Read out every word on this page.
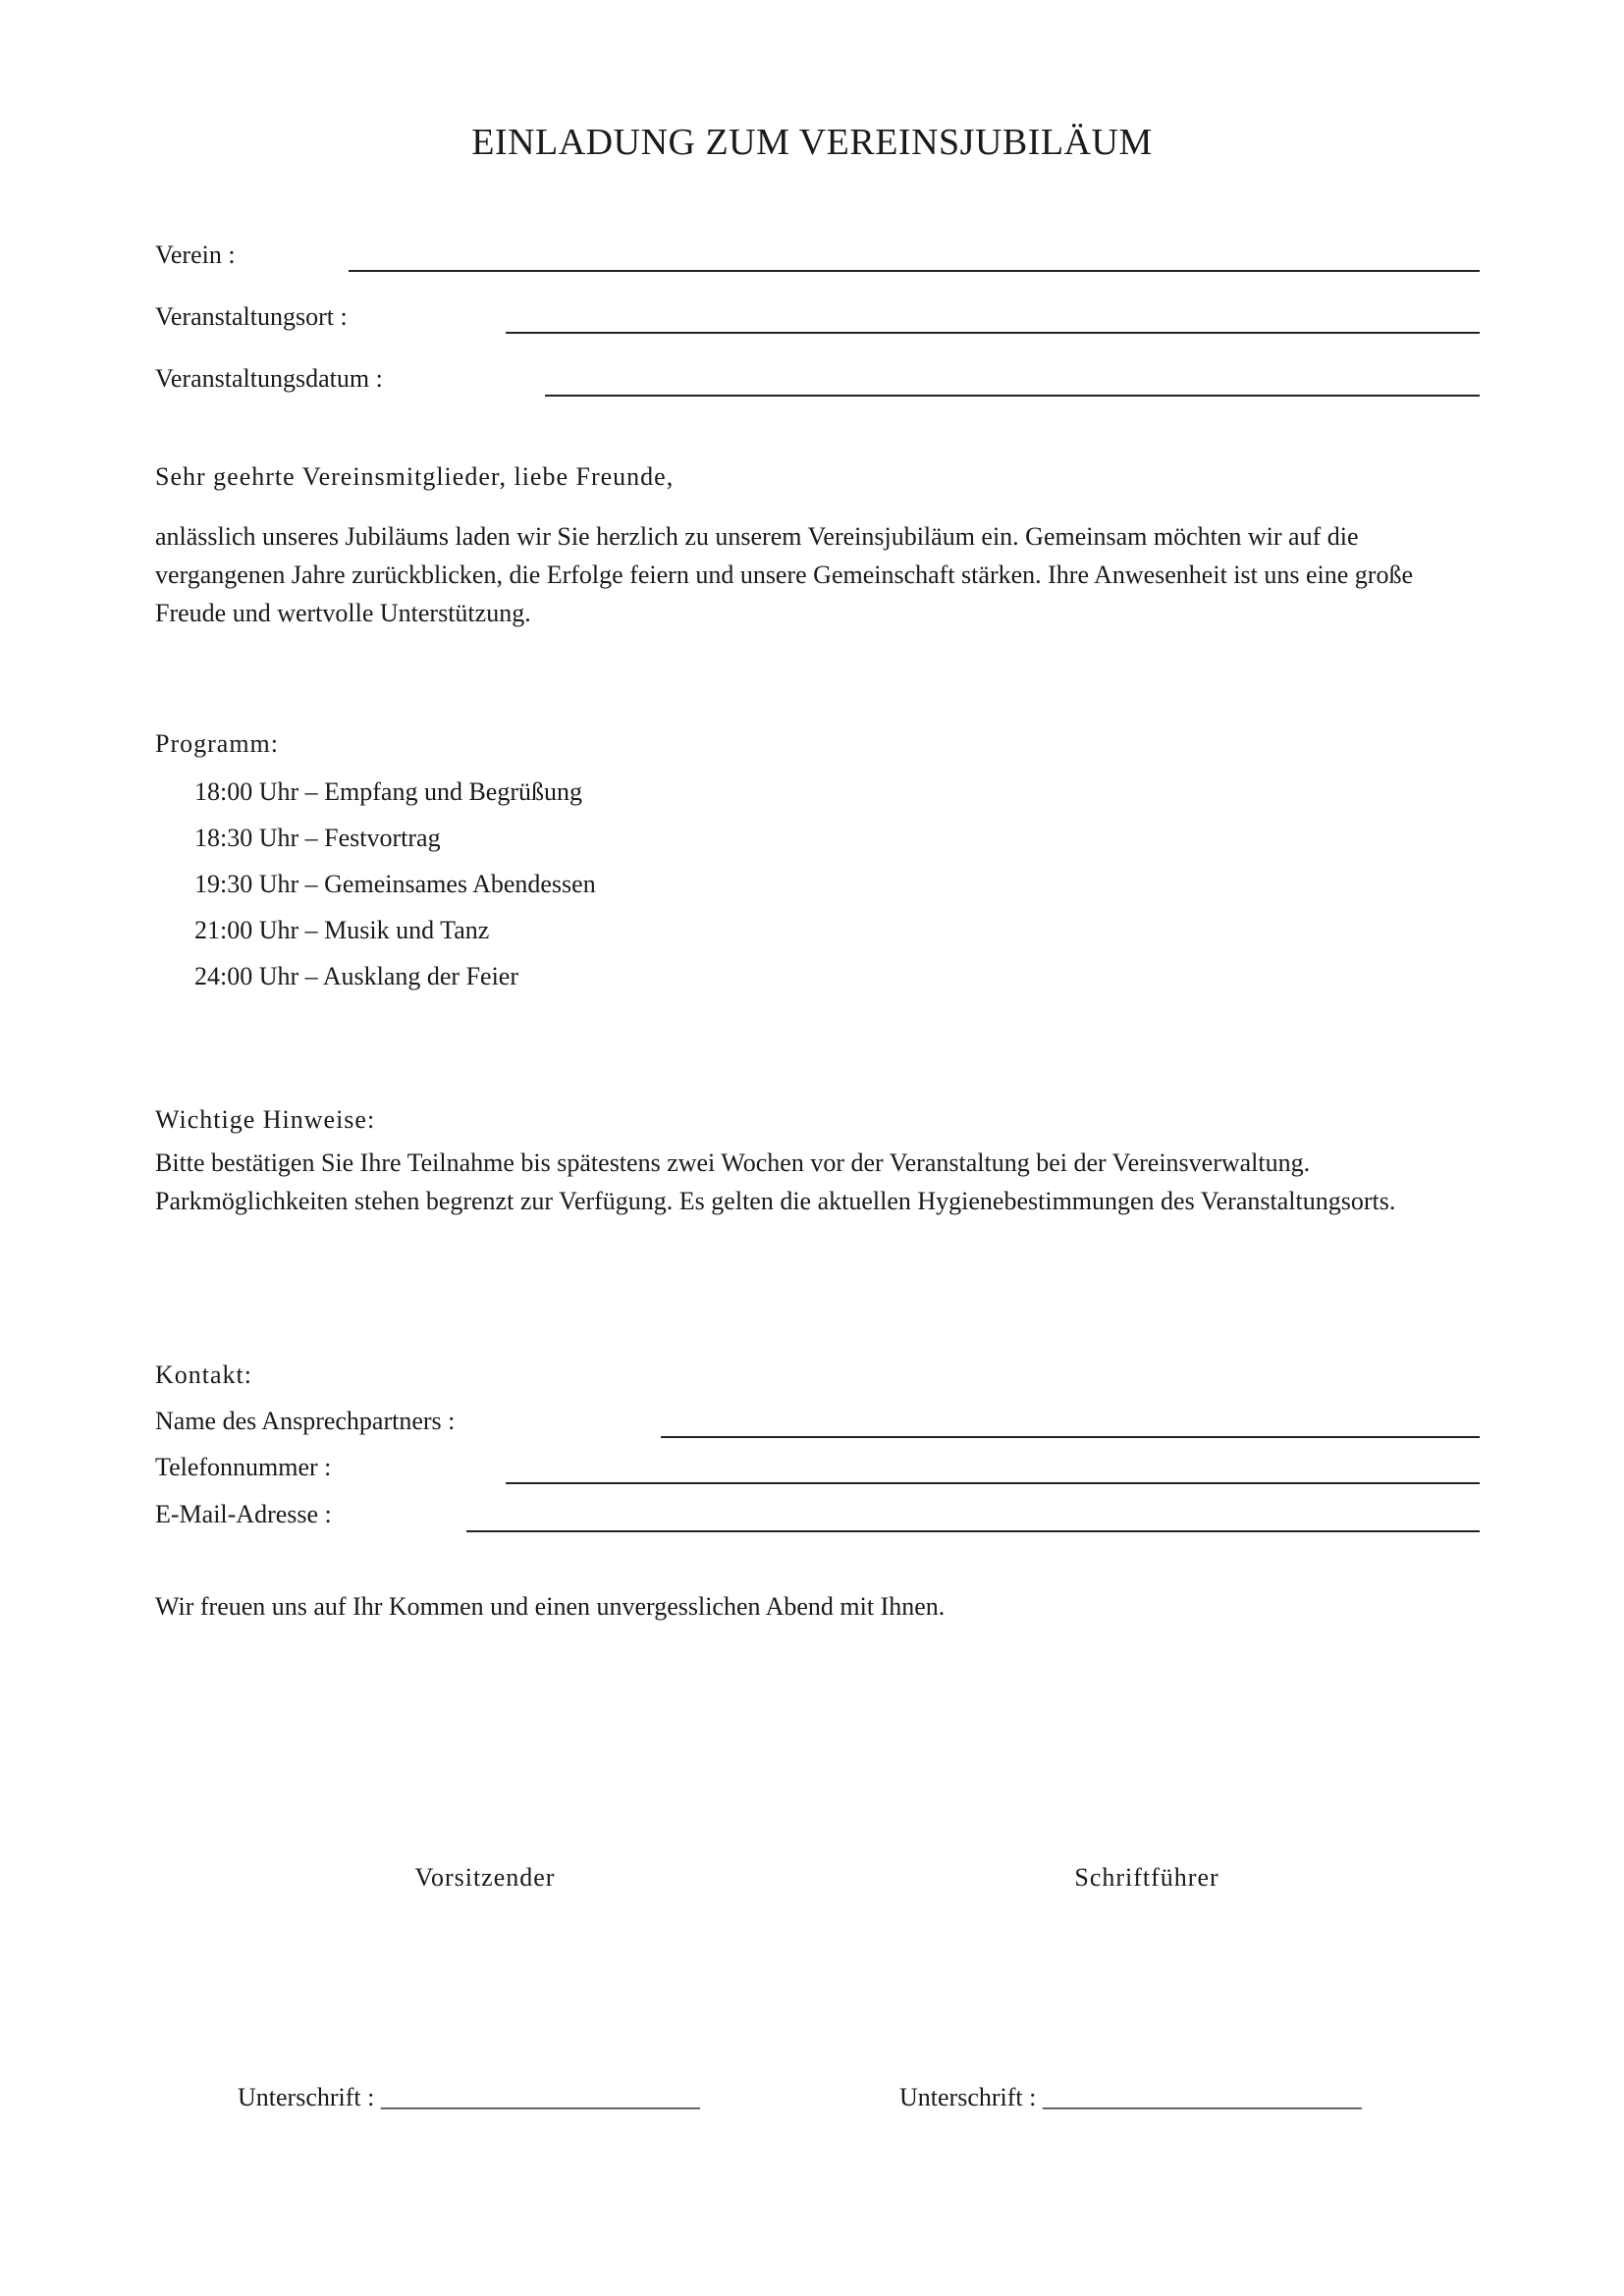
EINLADUNG ZUM VEREINSJUBILÄUM
Verein :
Veranstaltungsort :
Veranstaltungsdatum :
Sehr geehrte Vereinsmitglieder, liebe Freunde,
anlässlich unseres Jubiläums laden wir Sie herzlich zu unserem Vereinsjubiläum ein. Gemeinsam möchten wir auf die vergangenen Jahre zurückblicken, die Erfolge feiern und unsere Gemeinschaft stärken. Ihre Anwesenheit ist uns eine große Freude und wertvolle Unterstützung.
Programm:
18:00 Uhr – Empfang und Begrüßung
18:30 Uhr – Festvortrag
19:30 Uhr – Gemeinsames Abendessen
21:00 Uhr – Musik und Tanz
24:00 Uhr – Ausklang der Feier
Wichtige Hinweise:
Bitte bestätigen Sie Ihre Teilnahme bis spätestens zwei Wochen vor der Veranstaltung bei der Vereinsverwaltung. Parkmöglichkeiten stehen begrenzt zur Verfügung. Es gelten die aktuellen Hygienebestimmungen des Veranstaltungsorts.
Kontakt:
Name des Ansprechpartners :
Telefonnummer :
E-Mail-Adresse :
Wir freuen uns auf Ihr Kommen und einen unvergesslichen Abend mit Ihnen.
Vorsitzender	Schriftführer
Unterschrift : _________________________	Unterschrift : _________________________
